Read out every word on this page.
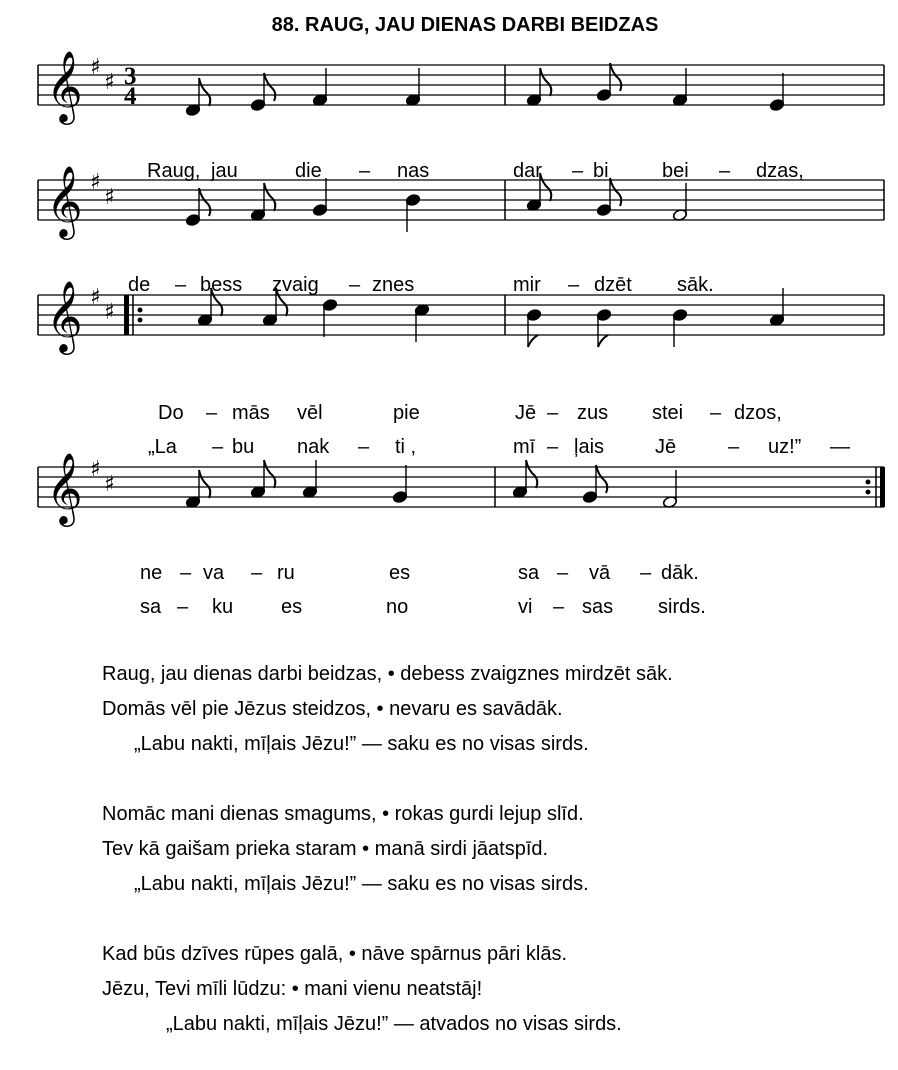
88. RAUG, JAU DIENAS DARBI BEIDZAS
𝄞 ♯
♯ 3
4
𝄞 ♯
♯
𝄞 ♯
♯
𝄞 ♯
♯
Raug, jau	die – nas	dar – bi	bei – dzas,
de – bess zvaig – znes	mir – dzēt sāk.
Do – mās vēl	pie	Jē – zus stei – dzos,
„La – bu nak – ti ,	mī – ļais	Jē	– uz!” —
ne – va – ru	es	sa – vā – dāk.
sa – ku es	no	vi – sas sirds.
Raug, jau dienas darbi beidzas, • debess zvaigznes mirdzēt sāk.
Domās vēl pie Jēzus steidzos, • nevaru es savādāk.
„Labu nakti, mīļais Jēzu!” — saku es no visas sirds.
Nomāc mani dienas smagums, • rokas gurdi lejup slīd.
Tev kā gaišam prieka staram • manā sirdi jāatspīd.
„Labu nakti, mīļais Jēzu!” — saku es no visas sirds.
Kad būs dzīves rūpes galā, • nāve spārnus pāri klās.
Jēzu, Tevi mīli lūdzu: • mani vienu neatstāj!
„Labu nakti, mīļais Jēzu!” — atvados no visas sirds.
